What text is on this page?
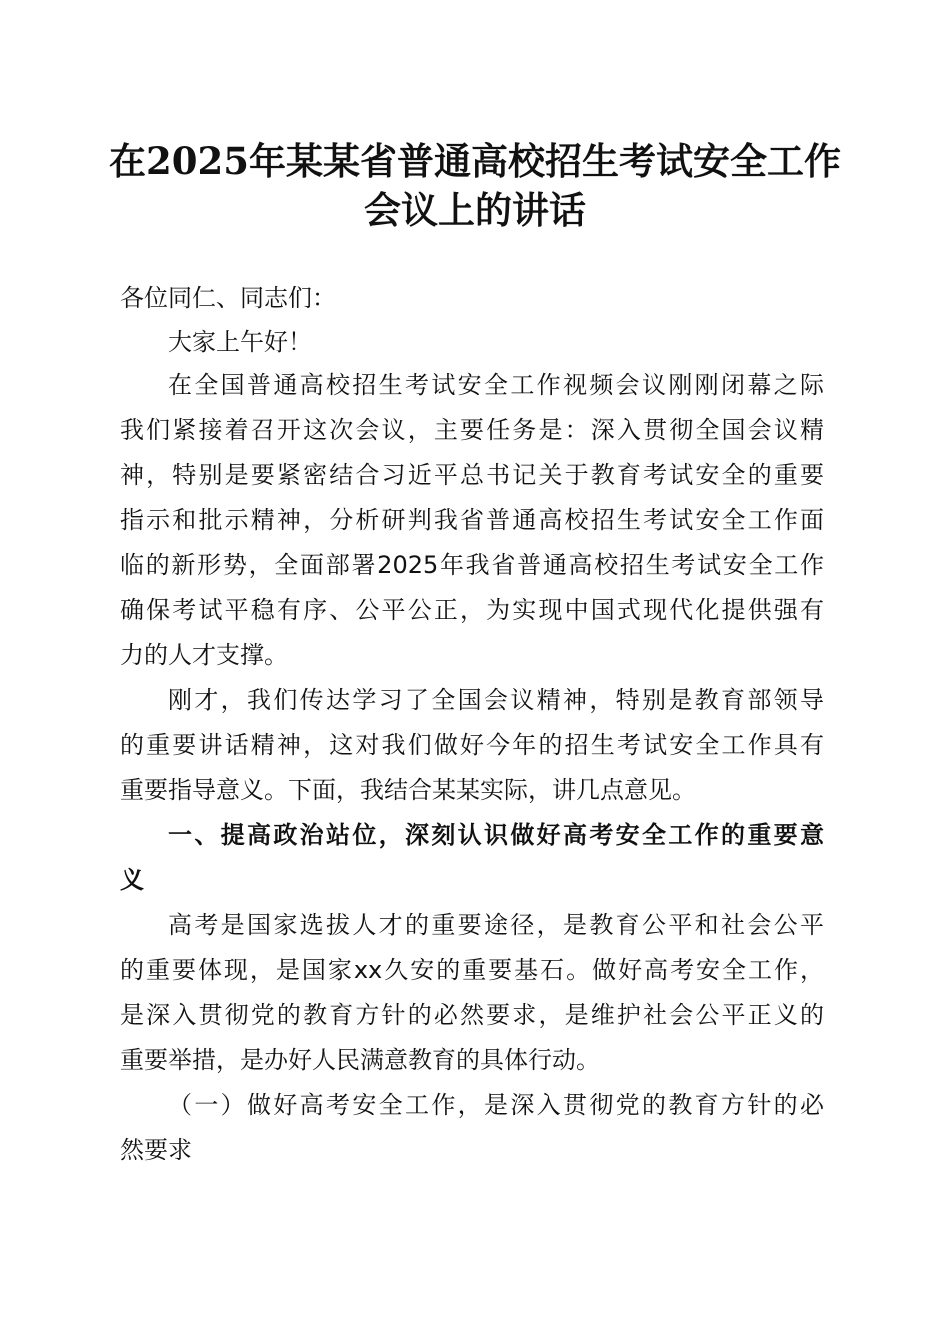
在2025年某某省普通高校招生考试安全工作
会议上的讲话
各位同仁、同志们：
大家上午好！
在全国普通高校招生考试安全工作视频会议刚刚闭幕之际
我们紧接着召开这次会议，主要任务是：深入贯彻全国会议精
神，特别是要紧密结合习近平总书记关于教育考试安全的重要
指示和批示精神，分析研判我省普通高校招生考试安全工作面
临的新形势，全面部署2025年我省普通高校招生考试安全工作
确保考试平稳有序、公平公正，为实现中国式现代化提供强有
力的人才支撑。
刚才，我们传达学习了全国会议精神，特别是教育部领导
的重要讲话精神，这对我们做好今年的招生考试安全工作具有
重要指导意义。下面，我结合某某实际，讲几点意见。
一、提高政治站位，深刻认识做好高考安全工作的重要意
义
高考是国家选拔人才的重要途径，是教育公平和社会公平
的重要体现，是国家xx久安的重要基石。做好高考安全工作，
是深入贯彻党的教育方针的必然要求，是维护社会公平正义的
重要举措，是办好人民满意教育的具体行动。
（一）做好高考安全工作，是深入贯彻党的教育方针的必
然要求
